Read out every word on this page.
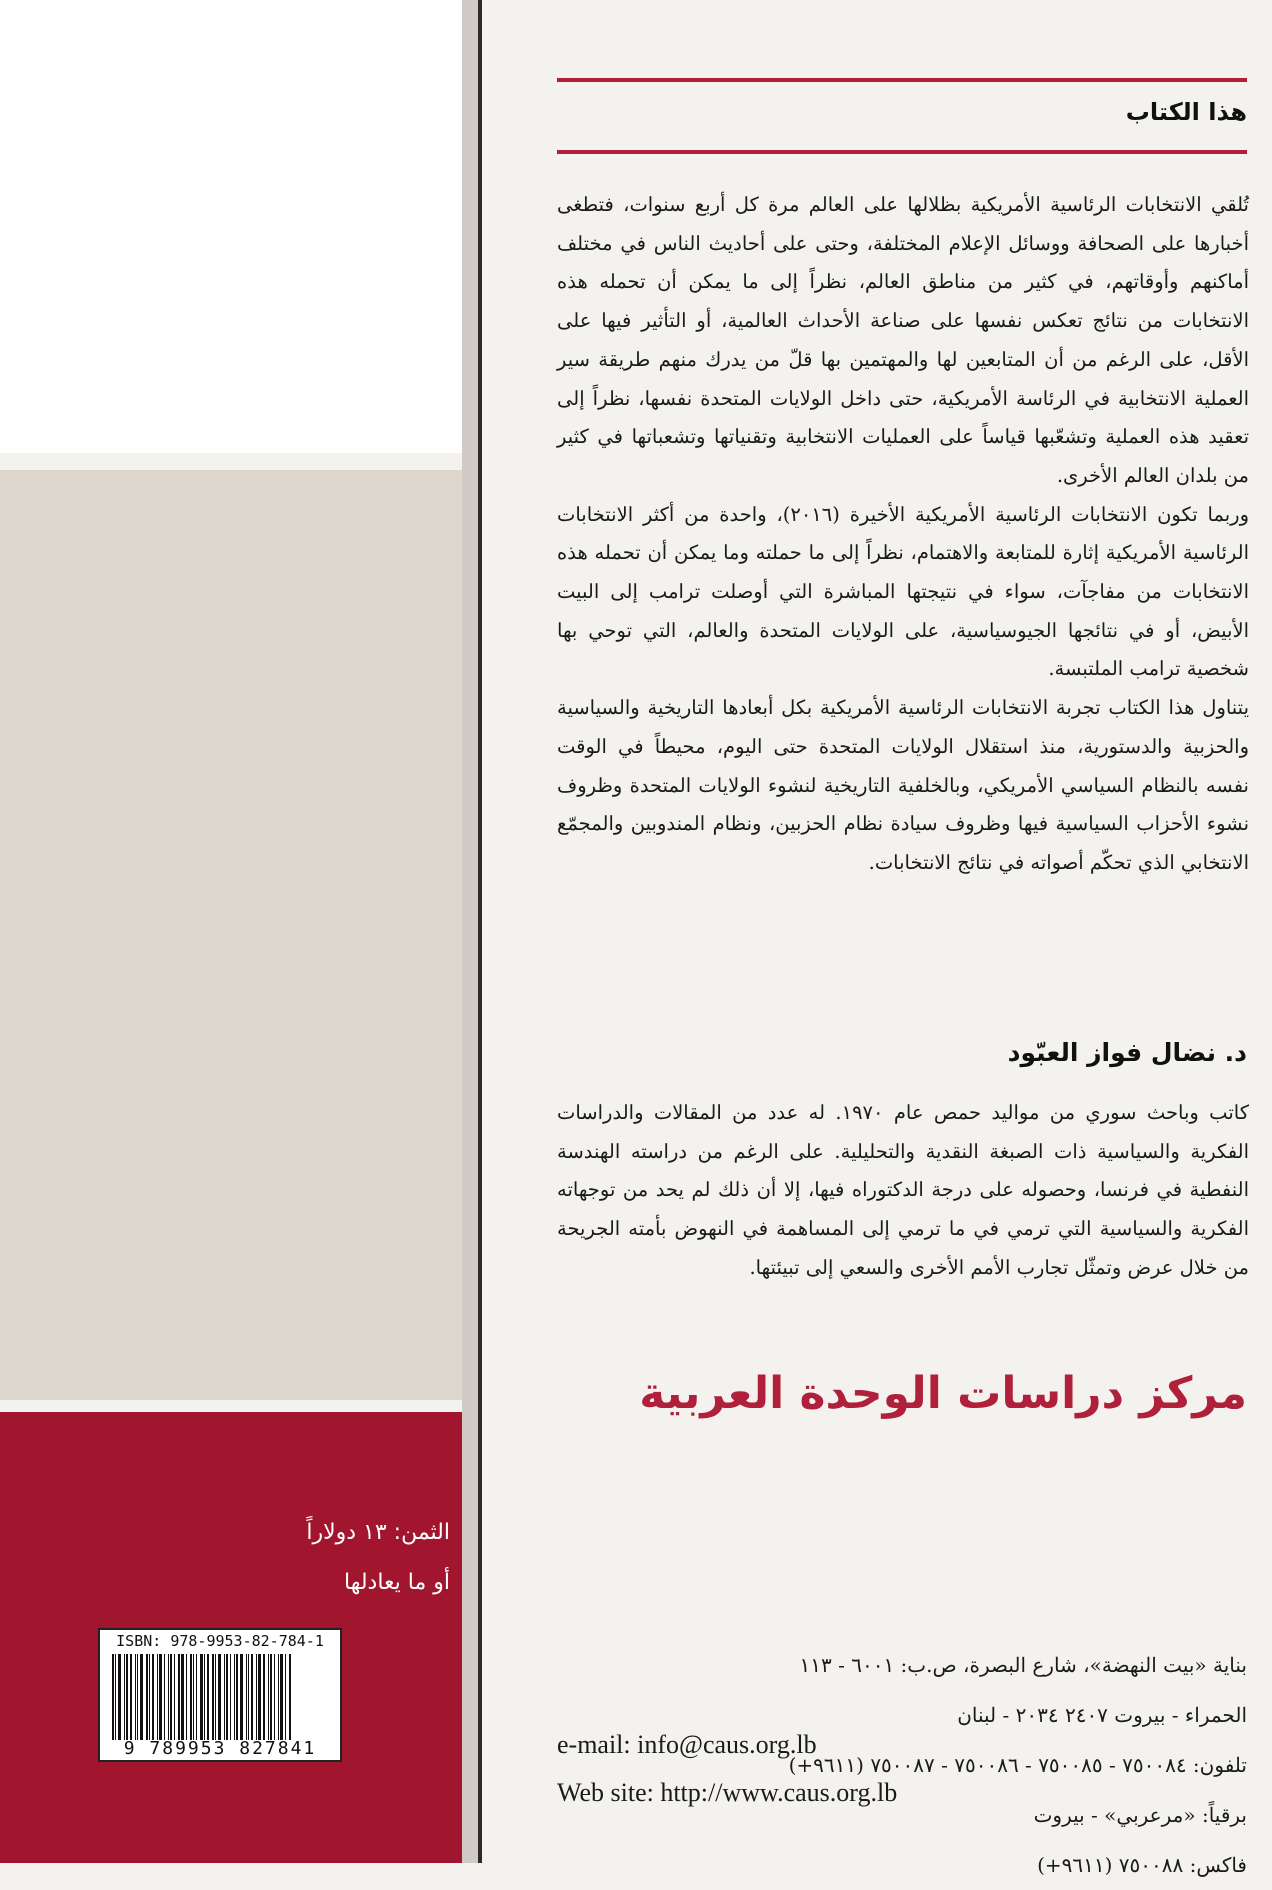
الثمن: ١٣ دولاراً
أو ما يعادلها
ISBN: 978-9953-82-784-1
9 789953 827841
هذا الكتاب

تُلقي الانتخابات الرئاسية الأمريكية بظلالها على العالم مرة كل أربع سنوات، فتطغى أخبارها على الصحافة ووسائل الإعلام المختلفة، وحتى على أحاديث الناس في مختلف أماكنهم وأوقاتهم، في كثير من مناطق العالم، نظراً إلى ما يمكن أن تحمله هذه الانتخابات من نتائج تعكس نفسها على صناعة الأحداث العالمية، أو التأثير فيها على الأقل، على الرغم من أن المتابعين لها والمهتمين بها قلّ من يدرك منهم طريقة سير العملية الانتخابية في الرئاسة الأمريكية، حتى داخل الولايات المتحدة نفسها، نظراً إلى تعقيد هذه العملية وتشعّبها قياساً على العمليات الانتخابية وتقنياتها وتشعباتها في كثير من بلدان العالم الأخرى.

وربما تكون الانتخابات الرئاسية الأمريكية الأخيرة (٢٠١٦)، واحدة من أكثر الانتخابات الرئاسية الأمريكية إثارة للمتابعة والاهتمام، نظراً إلى ما حملته وما يمكن أن تحمله هذه الانتخابات من مفاجآت، سواء في نتيجتها المباشرة التي أوصلت ترامب إلى البيت الأبيض، أو في نتائجها الجيوسياسية، على الولايات المتحدة والعالم، التي توحي بها شخصية ترامب الملتبسة.

يتناول هذا الكتاب تجربة الانتخابات الرئاسية الأمريكية بكل أبعادها التاريخية والسياسية والحزبية والدستورية، منذ استقلال الولايات المتحدة حتى اليوم، محيطاً في الوقت نفسه بالنظام السياسي الأمريكي، وبالخلفية التاريخية لنشوء الولايات المتحدة وظروف نشوء الأحزاب السياسية فيها وظروف سيادة نظام الحزبين، ونظام المندوبين والمجمّع الانتخابي الذي تحكّم أصواته في نتائج الانتخابات.

د. نضال فواز العبّود

كاتب وباحث سوري من مواليد حمص عام ١٩٧٠. له عدد من المقالات والدراسات الفكرية والسياسية ذات الصبغة النقدية والتحليلية. على الرغم من دراسته الهندسة النفطية في فرنسا، وحصوله على درجة الدكتوراه فيها، إلا أن ذلك لم يحد من توجهاته الفكرية والسياسية التي ترمي في ما ترمي إلى المساهمة في النهوض بأمته الجريحة من خلال عرض وتمثّل تجارب الأمم الأخرى والسعي إلى تبيئتها.

مركز دراسات الوحدة العربية
بناية «بيت النهضة»، شارع البصرة، ص.ب: ٦٠٠١ - ١١٣
الحمراء - بيروت ٢٤٠٧ ٢٠٣٤ - لبنان
تلفون: ٧٥٠٠٨٤ - ٧٥٠٠٨٥ - ٧٥٠٠٨٦ - ٧٥٠٠٨٧ (٩٦١١+)
برقياً: «مرعربي» - بيروت
فاكس: ٧٥٠٠٨٨ (٩٦١١+)
e-mail: info@caus.org.lb
Web site: http://www.caus.org.lb
